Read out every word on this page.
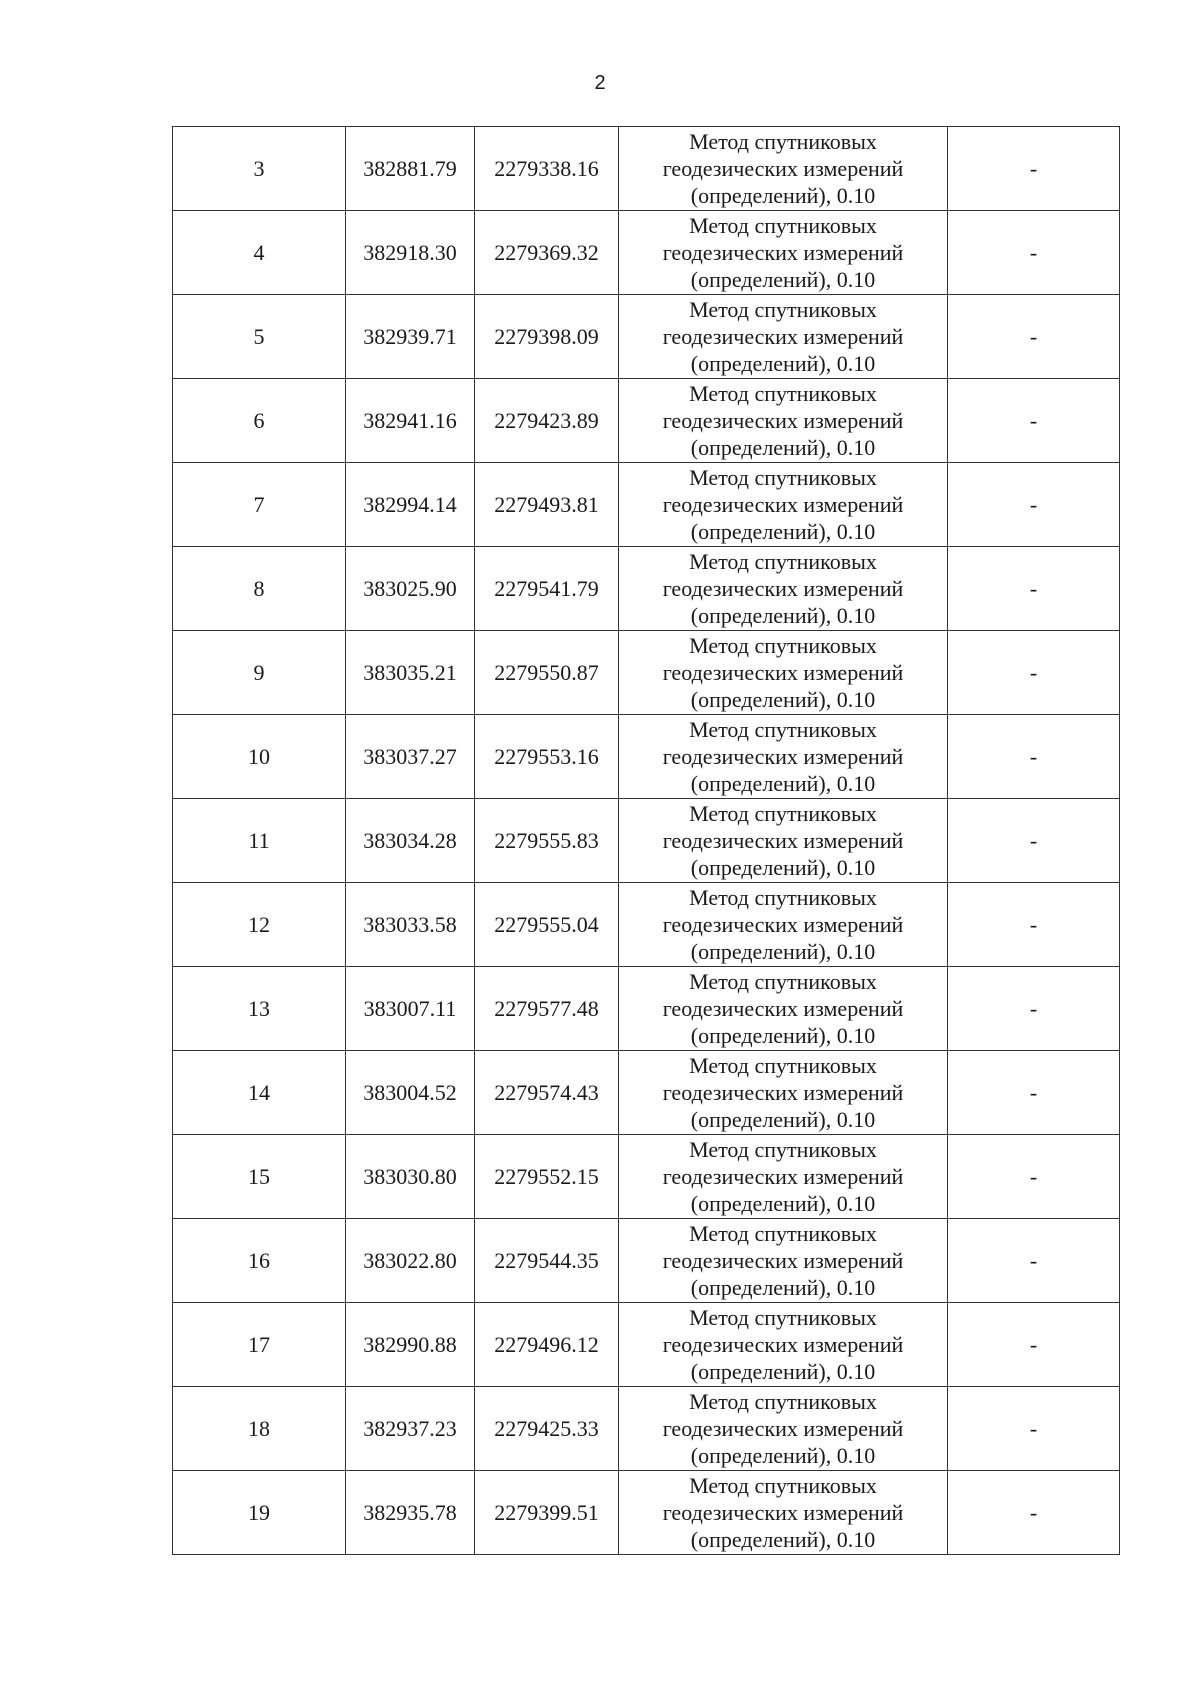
2
3	382881.79	2279338.16	Метод спутниковых
геодезических измерений
(определений), 0.10	-
4	382918.30	2279369.32	Метод спутниковых
геодезических измерений
(определений), 0.10	-
5	382939.71	2279398.09	Метод спутниковых
геодезических измерений
(определений), 0.10	-
6	382941.16	2279423.89	Метод спутниковых
геодезических измерений
(определений), 0.10	-
7	382994.14	2279493.81	Метод спутниковых
геодезических измерений
(определений), 0.10	-
8	383025.90	2279541.79	Метод спутниковых
геодезических измерений
(определений), 0.10	-
9	383035.21	2279550.87	Метод спутниковых
геодезических измерений
(определений), 0.10	-
10	383037.27	2279553.16	Метод спутниковых
геодезических измерений
(определений), 0.10	-
11	383034.28	2279555.83	Метод спутниковых
геодезических измерений
(определений), 0.10	-
12	383033.58	2279555.04	Метод спутниковых
геодезических измерений
(определений), 0.10	-
13	383007.11	2279577.48	Метод спутниковых
геодезических измерений
(определений), 0.10	-
14	383004.52	2279574.43	Метод спутниковых
геодезических измерений
(определений), 0.10	-
15	383030.80	2279552.15	Метод спутниковых
геодезических измерений
(определений), 0.10	-
16	383022.80	2279544.35	Метод спутниковых
геодезических измерений
(определений), 0.10	-
17	382990.88	2279496.12	Метод спутниковых
геодезических измерений
(определений), 0.10	-
18	382937.23	2279425.33	Метод спутниковых
геодезических измерений
(определений), 0.10	-
19	382935.78	2279399.51	Метод спутниковых
геодезических измерений
(определений), 0.10	-
